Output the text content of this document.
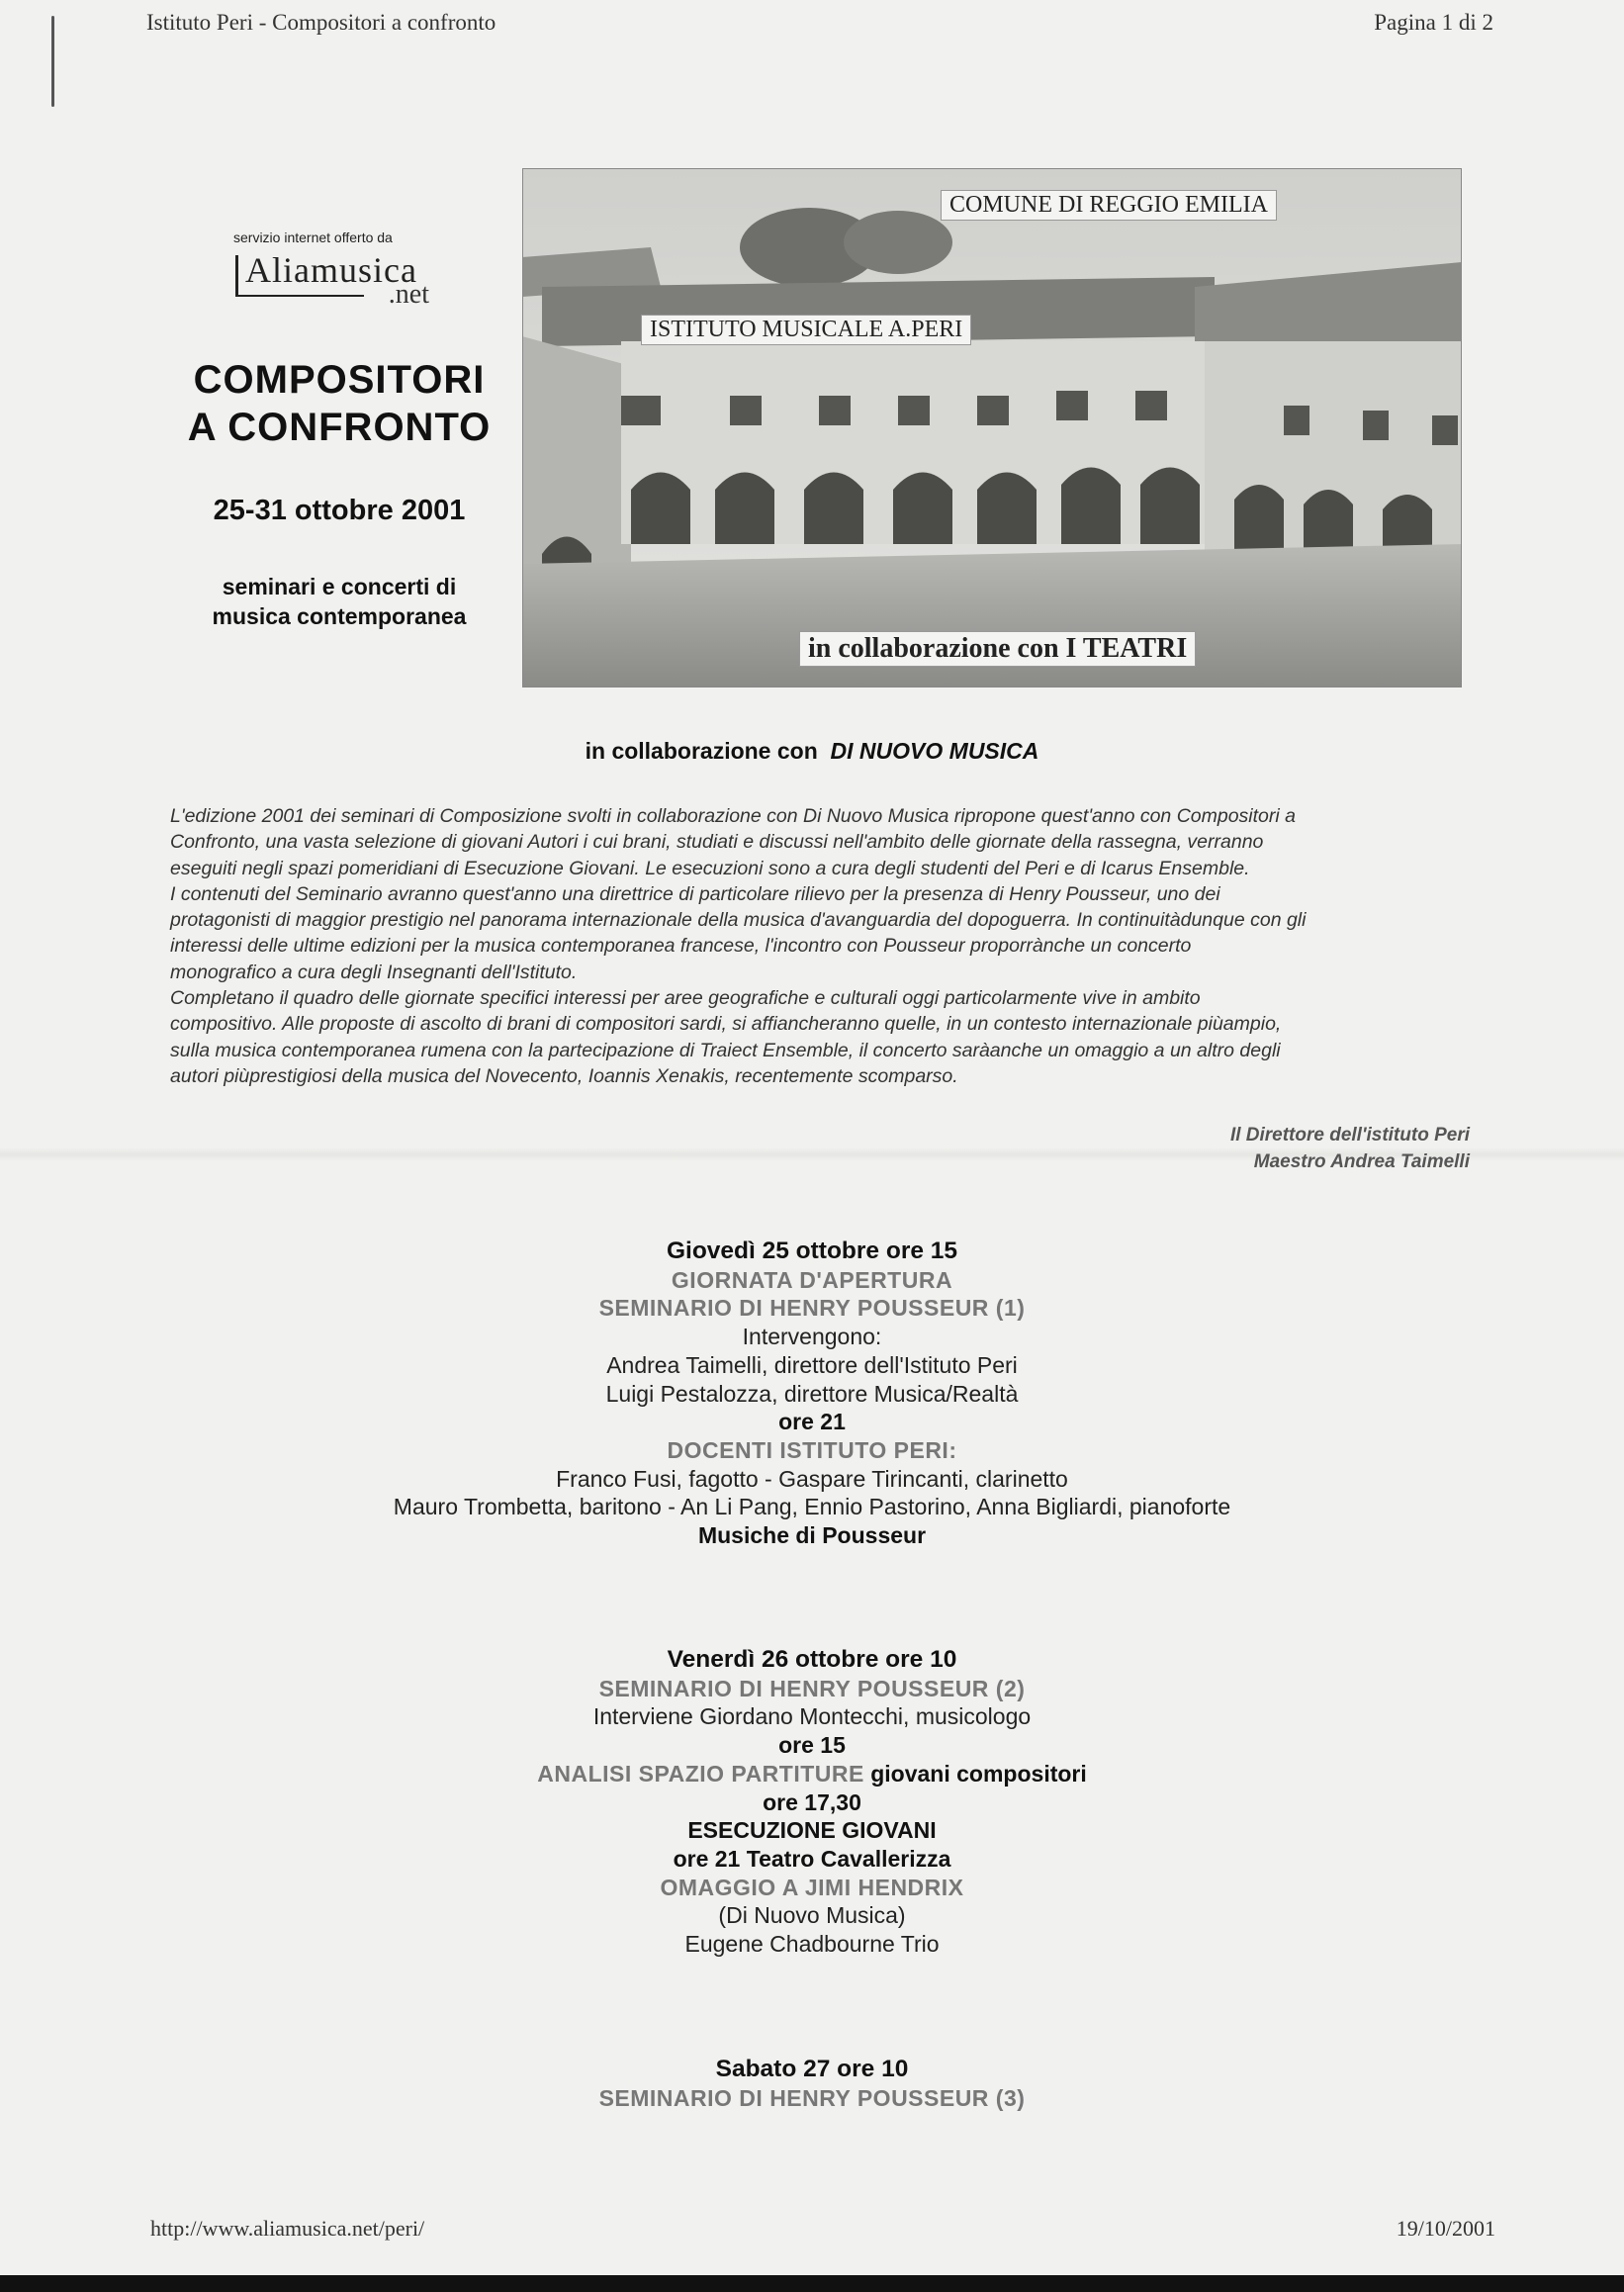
Istituto Peri - Compositori a confronto	Pagina 1 di 2
servizio internet offerto da
Aliamusica
.net
COMPOSITORI
A CONFRONTO
25-31 ottobre 2001
seminari e concerti di
musica contemporanea
COMUNE DI REGGIO EMILIA
ISTITUTO MUSICALE A.PERI
in collaborazione con I TEATRI
in collaborazione con DI NUOVO MUSICA

L'edizione 2001 dei seminari di Composizione svolti in collaborazione con Di Nuovo Musica ripropone quest'anno con Compositori a

Confronto, una vasta selezione di giovani Autori i cui brani, studiati e discussi nell'ambito delle giornate della rassegna, verranno

eseguiti negli spazi pomeridiani di Esecuzione Giovani. Le esecuzioni sono a cura degli studenti del Peri e di Icarus Ensemble.

I contenuti del Seminario avranno quest'anno una direttrice di particolare rilievo per la presenza di Henry Pousseur, uno dei

protagonisti di maggior prestigio nel panorama internazionale della musica d'avanguardia del dopoguerra. In continuitàdunque con gli

interessi delle ultime edizioni per la musica contemporanea francese, l'incontro con Pousseur proporrànche un concerto

monografico a cura degli Insegnanti dell'Istituto.

Completano il quadro delle giornate specifici interessi per aree geografiche e culturali oggi particolarmente vive in ambito

compositivo. Alle proposte di ascolto di brani di compositori sardi, si affiancheranno quelle, in un contesto internazionale piùampio,

sulla musica contemporanea rumena con la partecipazione di Traiect Ensemble, il concerto saràanche un omaggio a un altro degli

autori piùprestigiosi della musica del Novecento, Ioannis Xenakis, recentemente scomparso.

Il Direttore dell'istituto Peri
Maestro Andrea Taimelli

Giovedì 25 ottobre ore 15

GIORNATA D'APERTURA

SEMINARIO DI HENRY POUSSEUR (1)

Intervengono:

Andrea Taimelli, direttore dell'Istituto Peri

Luigi Pestalozza, direttore Musica/Realtà

ore 21

DOCENTI ISTITUTO PERI:

Franco Fusi, fagotto - Gaspare Tirincanti, clarinetto

Mauro Trombetta, baritono - An Li Pang, Ennio Pastorino, Anna Bigliardi, pianoforte

Musiche di Pousseur

Venerdì 26 ottobre ore 10

SEMINARIO DI HENRY POUSSEUR (2)

Interviene Giordano Montecchi, musicologo

ore 15

ANALISI SPAZIO PARTITURE giovani compositori

ore 17,30

ESECUZIONE GIOVANI

ore 21 Teatro Cavallerizza

OMAGGIO A JIMI HENDRIX

(Di Nuovo Musica)

Eugene Chadbourne Trio

Sabato 27 ore 10

SEMINARIO DI HENRY POUSSEUR (3)

http://www.aliamusica.net/peri/	19/10/2001
